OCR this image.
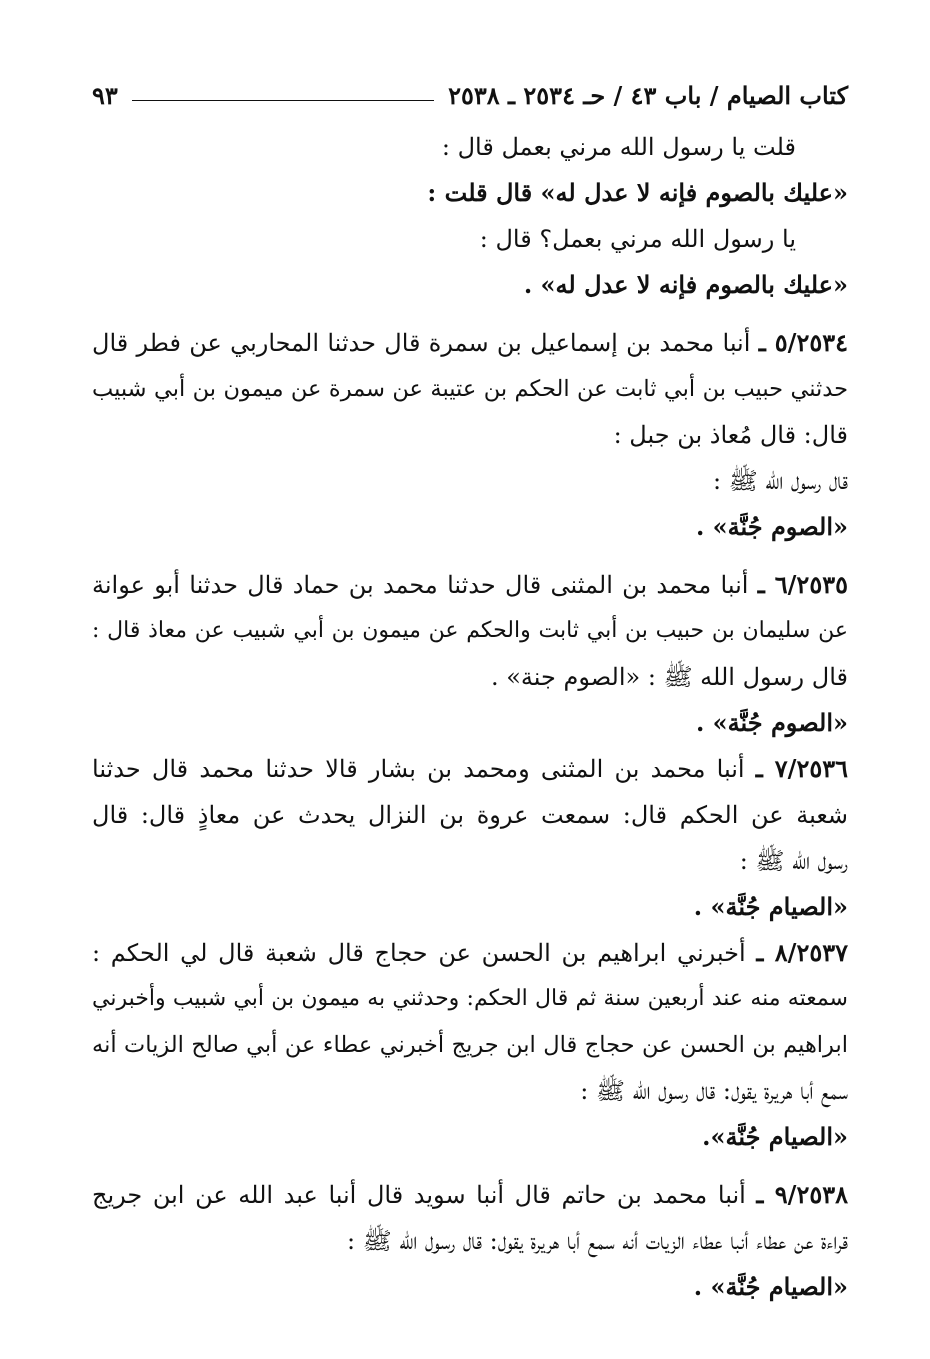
كتاب الصيام / باب ٤٣ / حـ ٢٥٣٤ ـ ٢٥٣٨
٩٣
قلت يا رسول الله مرني بعمل قال :
«عليك بالصوم فإنه لا عدل له» قال قلت :
يا رسول الله مرني بعمل؟ قال :
«عليك بالصوم فإنه لا عدل له» .
٥/٢٥٣٤ ـ أنبا محمد بن إسماعيل بن سمرة قال حدثنا المحاربي عن فطر قال
حدثني حبيب بن أبي ثابت عن الحكم بن عتيبة عن سمرة عن ميمون بن أبي شبيب
قال: قال مُعاذ بن جبل :
قال رسول الله ﷺ :
«الصوم جُنَّة» .
٦/٢٥٣٥ ـ أنبا محمد بن المثنى قال حدثنا محمد بن حماد قال حدثنا أبو عوانة
عن سليمان بن حبيب بن أبي ثابت والحكم عن ميمون بن أبي شبيب عن معاذ قال :
قال رسول الله ﷺ : «الصوم جنة» .
«الصوم جُنَّة» .
٧/٢٥٣٦ ـ أنبا محمد بن المثنى ومحمد بن بشار قالا حدثنا محمد قال حدثنا
شعبة عن الحكم قال: سمعت عروة بن النزال يحدث عن معاذٍ قال: قال
رسول الله ﷺ :
«الصيام جُنَّة» .
٨/٢٥٣٧ ـ أخبرني ابراهيم بن الحسن عن حجاج قال شعبة قال لي الحكم :
سمعته منه عند أربعين سنة ثم قال الحكم: وحدثني به ميمون بن أبي شبيب وأخبرني
ابراهيم بن الحسن عن حجاج قال ابن جريج أخبرني عطاء عن أبي صالح الزيات أنه
سمع أبا هريرة يقول: قال رسول الله ﷺ :
«الصيام جُنَّة».
٩/٢٥٣٨ ـ أنبا محمد بن حاتم قال أنبا سويد قال أنبا عبد الله عن ابن جريج
قراءة عن عطاء أنبا عطاء الزيات أنه سمع أبا هريرة يقول: قال رسول الله ﷺ :
«الصيام جُنَّة» .
